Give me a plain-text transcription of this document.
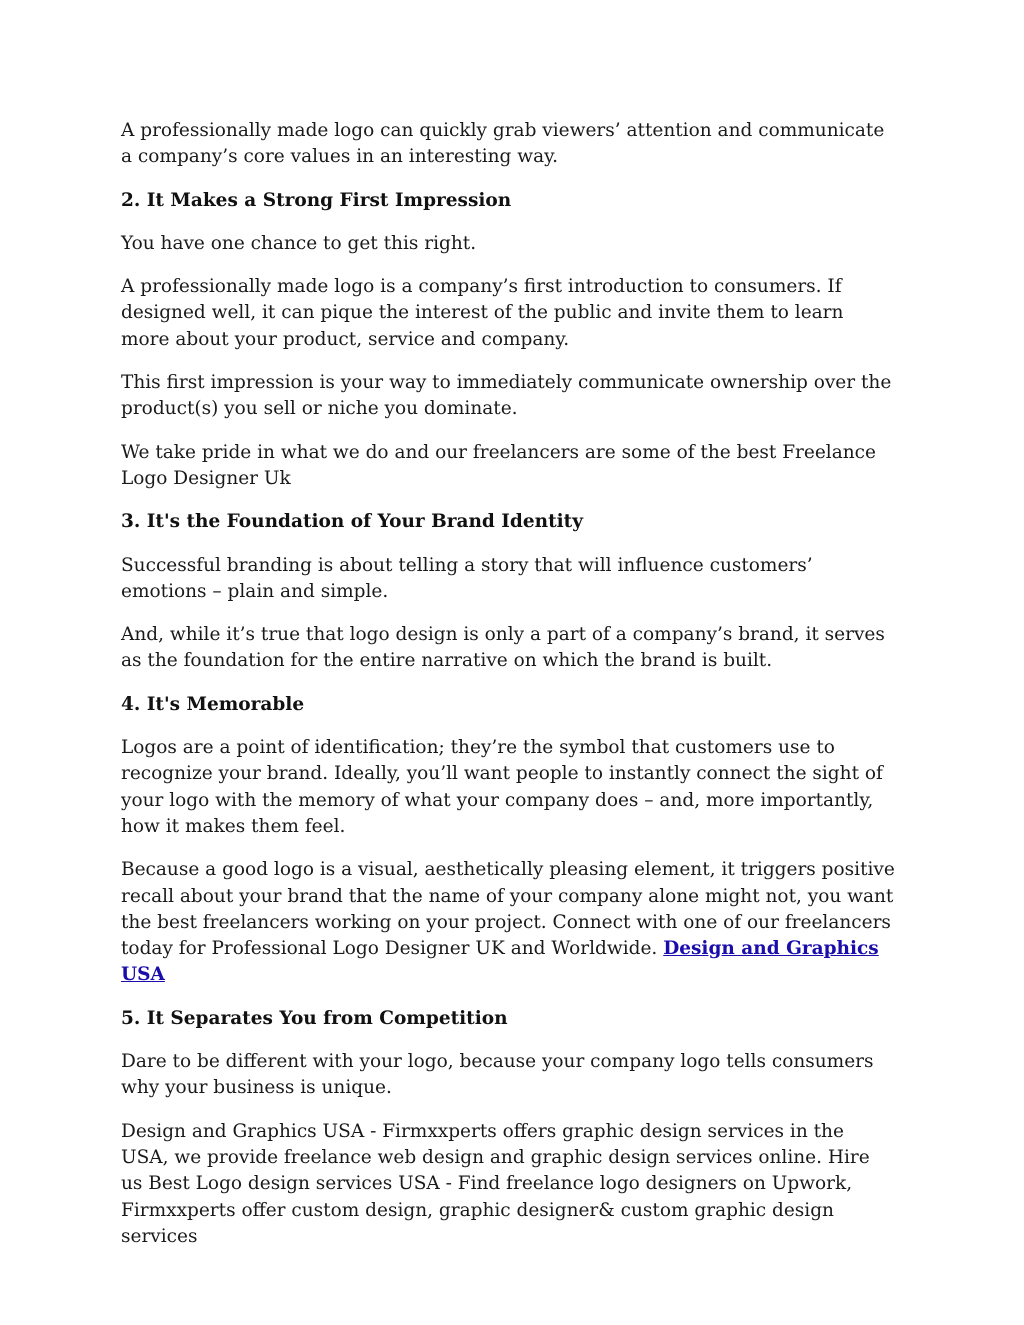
A professionally made logo can quickly grab viewers’ attention and communicate a company’s core values in an interesting way.

2. It Makes a Strong First Impression

You have one chance to get this right.

A professionally made logo is a company’s first introduction to consumers. If designed well, it can pique the interest of the public and invite them to learn more about your product, service and company.

This first impression is your way to immediately communicate ownership over the product(s) you sell or niche you dominate.

We take pride in what we do and our freelancers are some of the best Freelance Logo Designer Uk

3. It's the Foundation of Your Brand Identity

Successful branding is about telling a story that will influence customers’ emotions – plain and simple.

And, while it’s true that logo design is only a part of a company’s brand, it serves as the foundation for the entire narrative on which the brand is built.

4. It's Memorable

Logos are a point of identification; they’re the symbol that customers use to recognize your brand. Ideally, you’ll want people to instantly connect the sight of your logo with the memory of what your company does – and, more importantly, how it makes them feel.

Because a good logo is a visual, aesthetically pleasing element, it triggers positive recall about your brand that the name of your company alone might not, you want the best freelancers working on your project. Connect with one of our freelancers today for Professional Logo Designer UK and Worldwide. Design and Graphics USA

5. It Separates You from Competition

Dare to be different with your logo, because your company logo tells consumers why your business is unique.

Design and Graphics USA - Firmxxperts offers graphic design services in the USA, we provide freelance web design and graphic design services online. Hire us Best Logo design services USA - Find freelance logo designers on Upwork, Firmxxperts offer custom design, graphic designer& custom graphic design services
